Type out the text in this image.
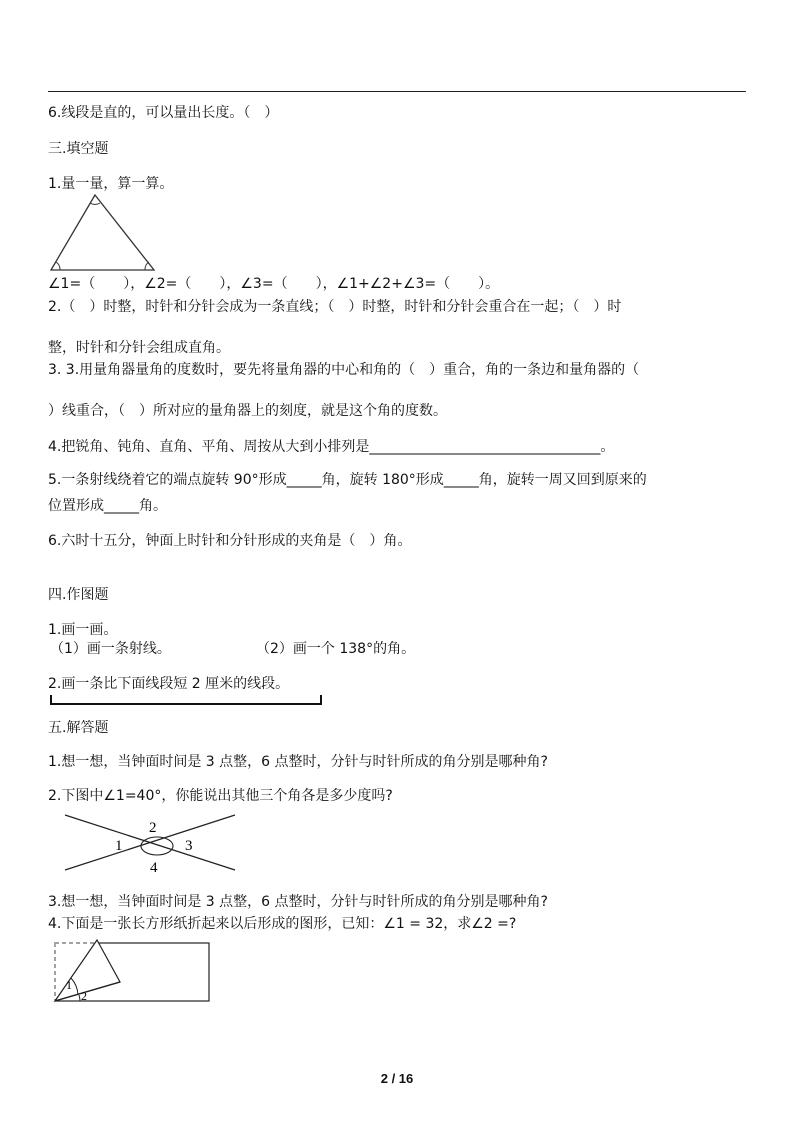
6.线段是直的，可以量出长度。（　）
三.填空题
1.量一量，算一算。
∠1=（　　），∠2=（　　），∠3=（　　），∠1+∠2+∠3=（　　）。
2.（　）时整，时针和分针会成为一条直线；（　）时整，时针和分针会重合在一起；（　）时
整，时针和分针会组成直角。
3. 3.用量角器量角的度数时，要先将量角器的中心和角的（　）重合，角的一条边和量角器的（
）线重合，（　）所对应的量角器上的刻度，就是这个角的度数。
4.把锐角、钝角、直角、平角、周按从大到小排列是_________________________________。
5.一条射线绕着它的端点旋转 90°形成_____角，旋转 180°形成_____角，旋转一周又回到原来的
位置形成_____角。
6.六时十五分，钟面上时针和分针形成的夹角是（　）角。
四.作图题
1.画一画。
（1）画一条射线。	（2）画一个 138°的角。
2.画一条比下面线段短 2 厘米的线段。
五.解答题
1.想一想，当钟面时间是 3 点整，6 点整时，分针与时针所成的角分别是哪种角?
2.下图中∠1=40°，你能说出其他三个角各是多少度吗?
2
1	3
4
3.想一想，当钟面时间是 3 点整，6 点整时，分针与时针所成的角分别是哪种角?
4.下面是一张长方形纸折起来以后形成的图形，已知：∠1 = 32，求∠2 =?
1
2
2 / 16
